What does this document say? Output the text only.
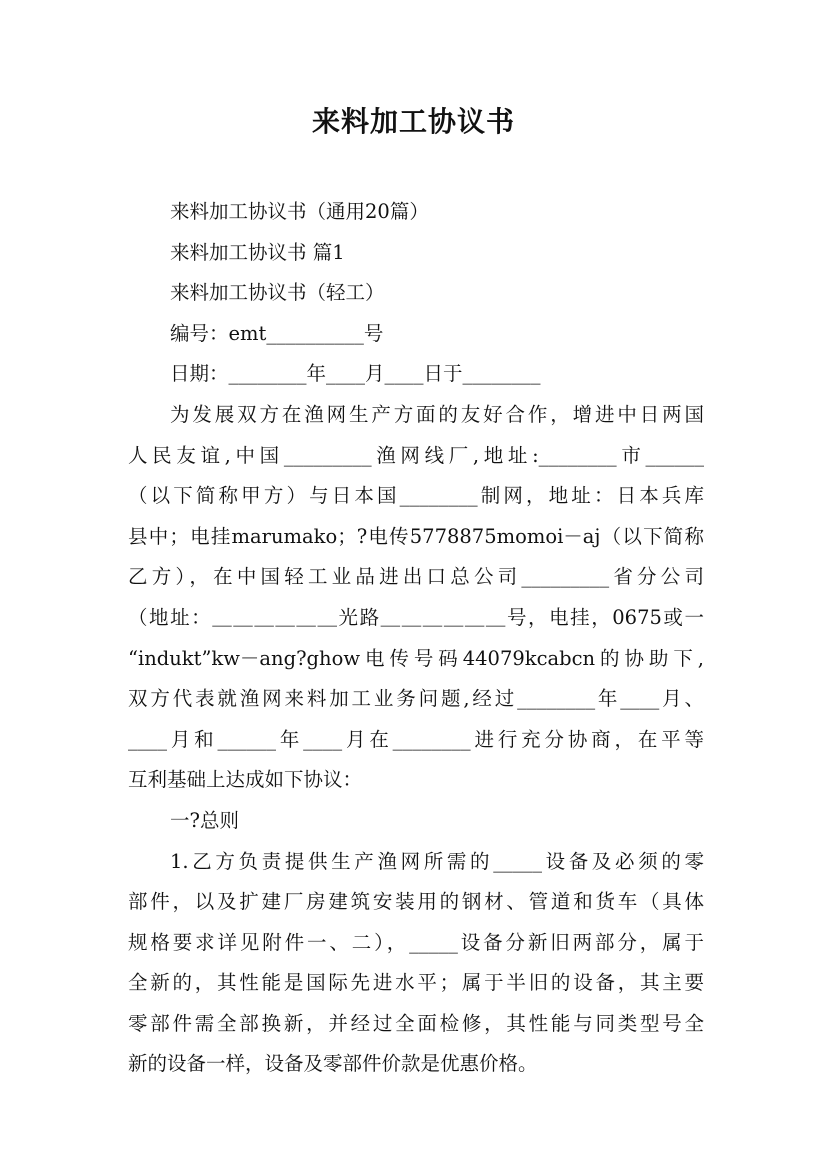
来料加工协议书
来料加工协议书（通用20篇）
来料加工协议书 篇1
来料加工协议书（轻工）
编号：emt__________号
日期：________年____月____日于________
为发展双方在渔网生产方面的友好合作，增进中日两国
人民友谊,中国_________渔网线厂,地址:________市______
（以下简称甲方）与日本国________制网，地址：日本兵库
县中；电挂marumako；?电传5778875momoi－aj（以下简称
乙方），在中国轻工业品进出口总公司_________省分公司
（地址：＿＿＿＿＿＿光路＿＿＿＿＿＿号，电挂，0675或一
“indukt”kw－ang?ghow电传号码44079kcabcn的协助下,
双方代表就渔网来料加工业务问题,经过________年____月、
____月和______年____月在________进行充分协商，在平等
互利基础上达成如下协议：
一?总则
1.乙方负责提供生产渔网所需的_____设备及必须的零
部件，以及扩建厂房建筑安装用的钢材、管道和货车（具体
规格要求详见附件一、二），_____设备分新旧两部分，属于
全新的，其性能是国际先进水平；属于半旧的设备，其主要
零部件需全部换新，并经过全面检修，其性能与同类型号全
新的设备一样，设备及零部件价款是优惠价格。
